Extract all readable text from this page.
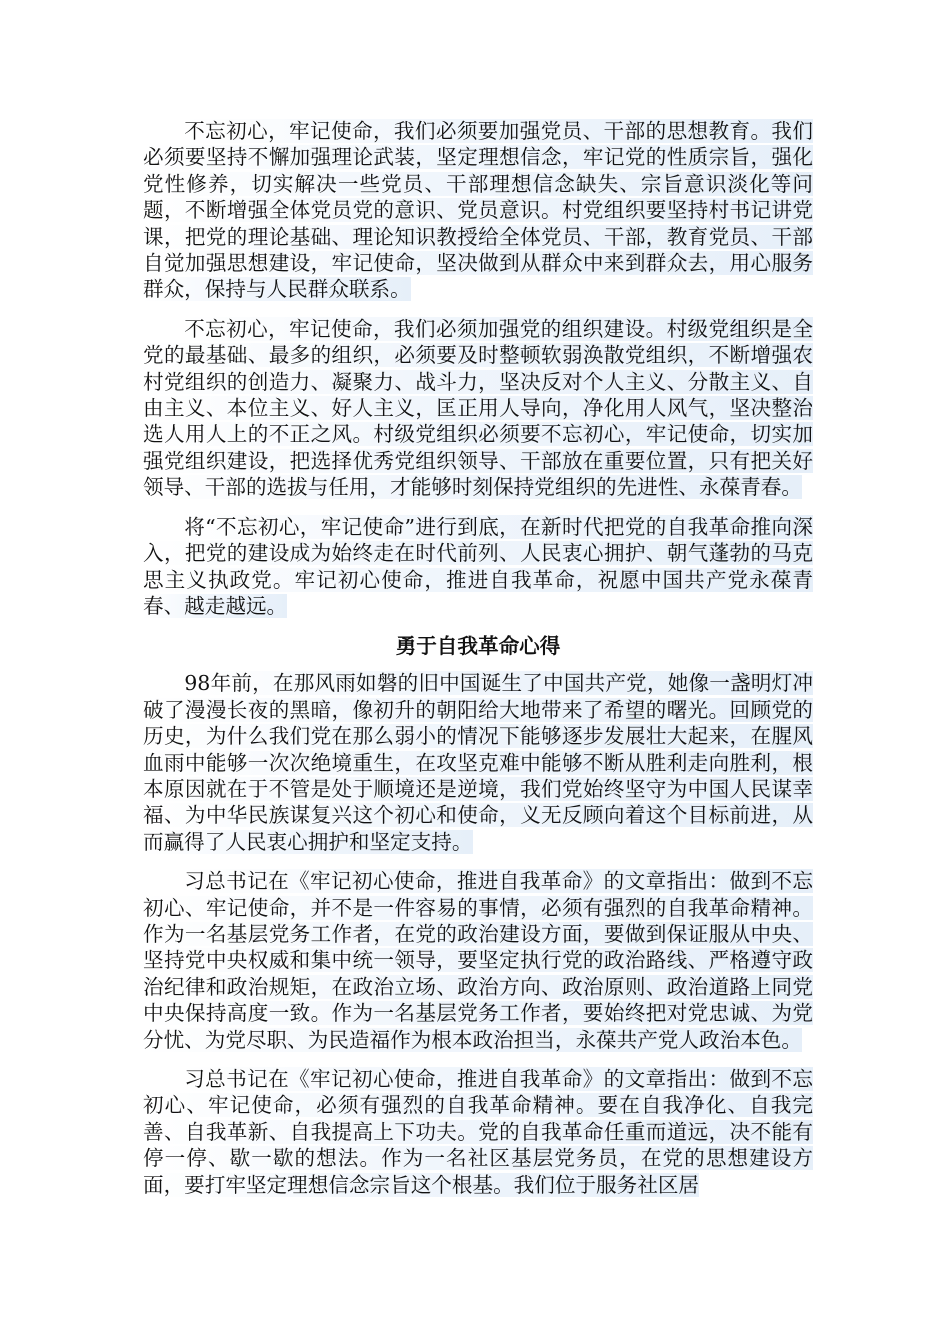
不忘初心，牢记使命，我们必须要加强党员、干部的思想教育。我们必须要坚持不懈加强理论武装，坚定理想信念，牢记党的性质宗旨，强化党性修养，切实解决一些党员、干部理想信念缺失、宗旨意识淡化等问题，不断增强全体党员党的意识、党员意识。村党组织要坚持村书记讲党课，把党的理论基础、理论知识教授给全体党员、干部，教育党员、干部自觉加强思想建设，牢记使命，坚决做到从群众中来到群众去，用心服务群众，保持与人民群众联系。

不忘初心，牢记使命，我们必须加强党的组织建设。村级党组织是全党的最基础、最多的组织，必须要及时整顿软弱涣散党组织，不断增强农村党组织的创造力、凝聚力、战斗力，坚决反对个人主义、分散主义、自由主义、本位主义、好人主义，匡正用人导向，净化用人风气，坚决整治选人用人上的不正之风。村级党组织必须要不忘初心，牢记使命，切实加强党组织建设，把选择优秀党组织领导、干部放在重要位置，只有把关好领导、干部的选拔与任用，才能够时刻保持党组织的先进性、永葆青春。

将“不忘初心，牢记使命”进行到底，在新时代把党的自我革命推向深入，把党的建设成为始终走在时代前列、人民衷心拥护、朝气蓬勃的马克思主义执政党。牢记初心使命，推进自我革命，祝愿中国共产党永葆青春、越走越远。

勇于自我革命心得

98年前，在那风雨如磐的旧中国诞生了中国共产党，她像一盏明灯冲破了漫漫长夜的黑暗，像初升的朝阳给大地带来了希望的曙光。回顾党的历史，为什么我们党在那么弱小的情况下能够逐步发展壮大起来，在腥风血雨中能够一次次绝境重生，在攻坚克难中能够不断从胜利走向胜利，根本原因就在于不管是处于顺境还是逆境，我们党始终坚守为中国人民谋幸福、为中华民族谋复兴这个初心和使命，义无反顾向着这个目标前进，从而赢得了人民衷心拥护和坚定支持。

习总书记在《牢记初心使命，推进自我革命》的文章指出：做到不忘初心、牢记使命，并不是一件容易的事情，必须有强烈的自我革命精神。作为一名基层党务工作者，在党的政治建设方面，要做到保证服从中央、坚持党中央权威和集中统一领导，要坚定执行党的政治路线、严格遵守政治纪律和政治规矩，在政治立场、政治方向、政治原则、政治道路上同党中央保持高度一致。作为一名基层党务工作者，要始终把对党忠诚、为党分忧、为党尽职、为民造福作为根本政治担当，永葆共产党人政治本色。

习总书记在《牢记初心使命，推进自我革命》的文章指出：做到不忘初心、牢记使命，必须有强烈的自我革命精神。要在自我净化、自我完善、自我革新、自我提高上下功夫。党的自我革命任重而道远，决不能有停一停、歇一歇的想法。作为一名社区基层党务员，在党的思想建设方面，要打牢坚定理想信念宗旨这个根基。我们位于服务社区居
